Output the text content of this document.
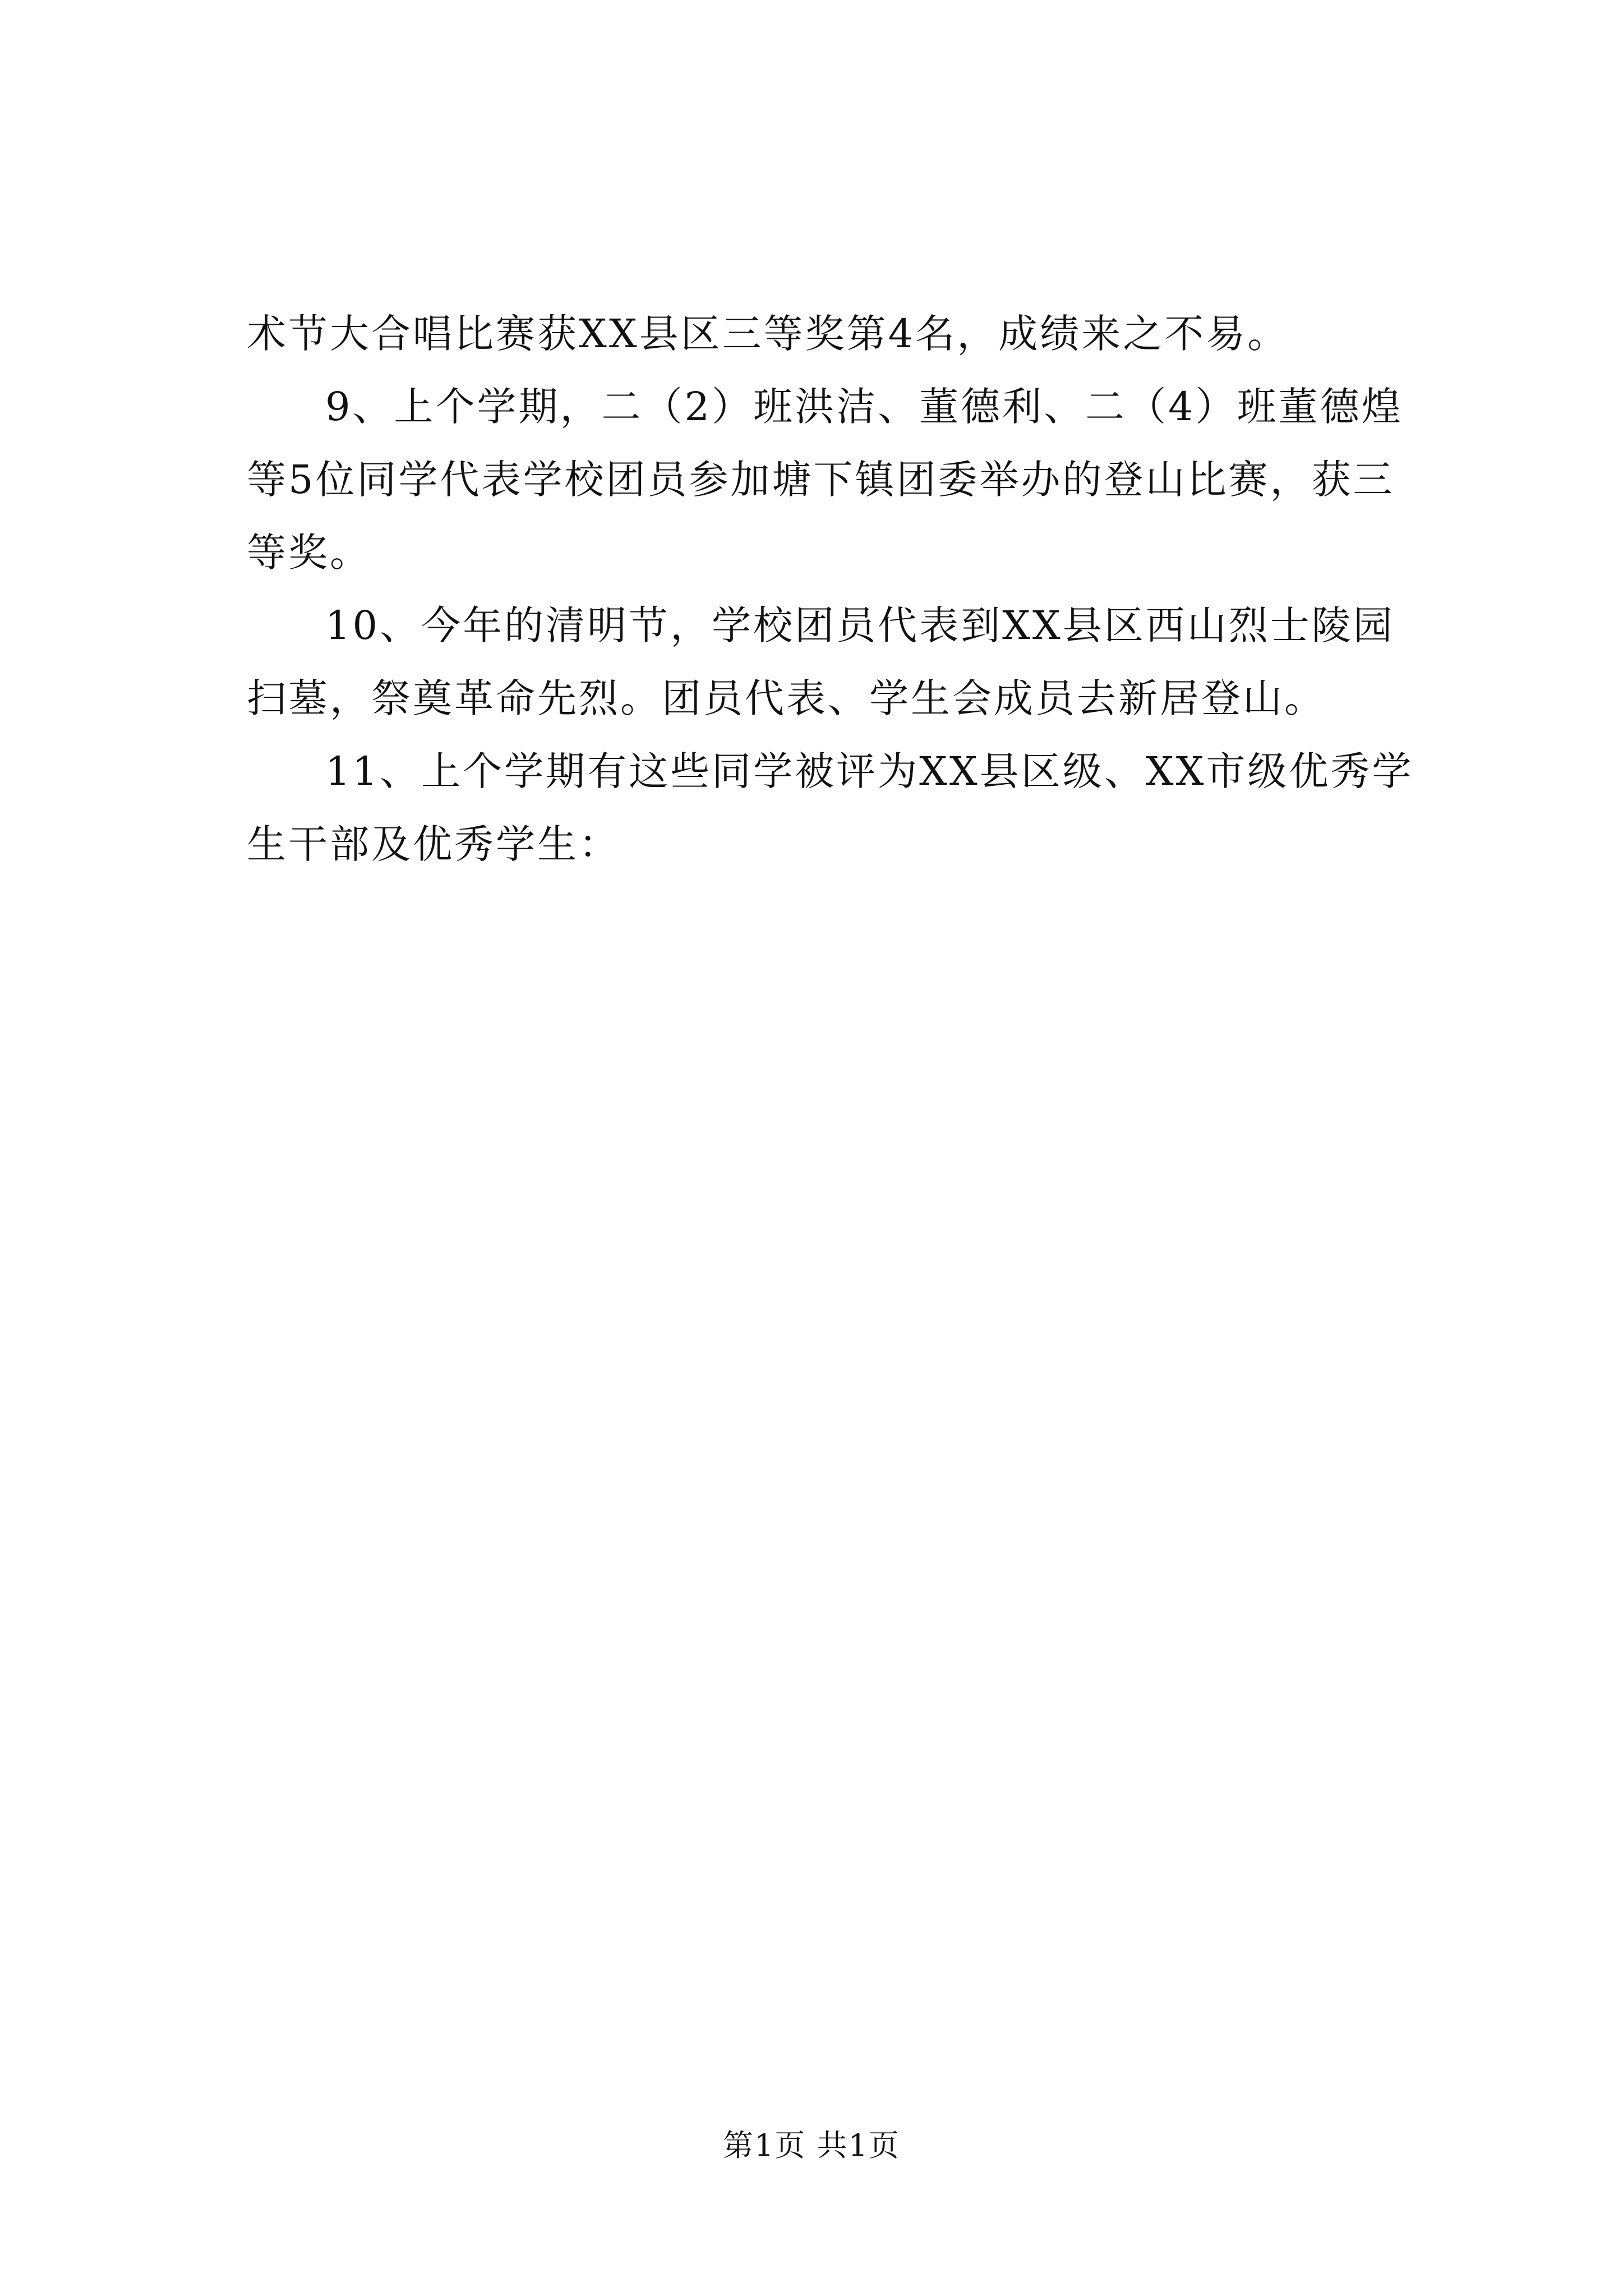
术节大合唱比赛获XX县区三等奖第4名，成绩来之不易。

9、上个学期，二（2）班洪洁、董德利、二（4）班董德煌等5位同学代表学校团员参加塘下镇团委举办的登山比赛，获三等奖。

10、今年的清明节，学校团员代表到XX县区西山烈士陵园扫墓，祭奠革命先烈。团员代表、学生会成员去新居登山。

11、上个学期有这些同学被评为XX县区级、XX市级优秀学生干部及优秀学生：

第1页 共1页
